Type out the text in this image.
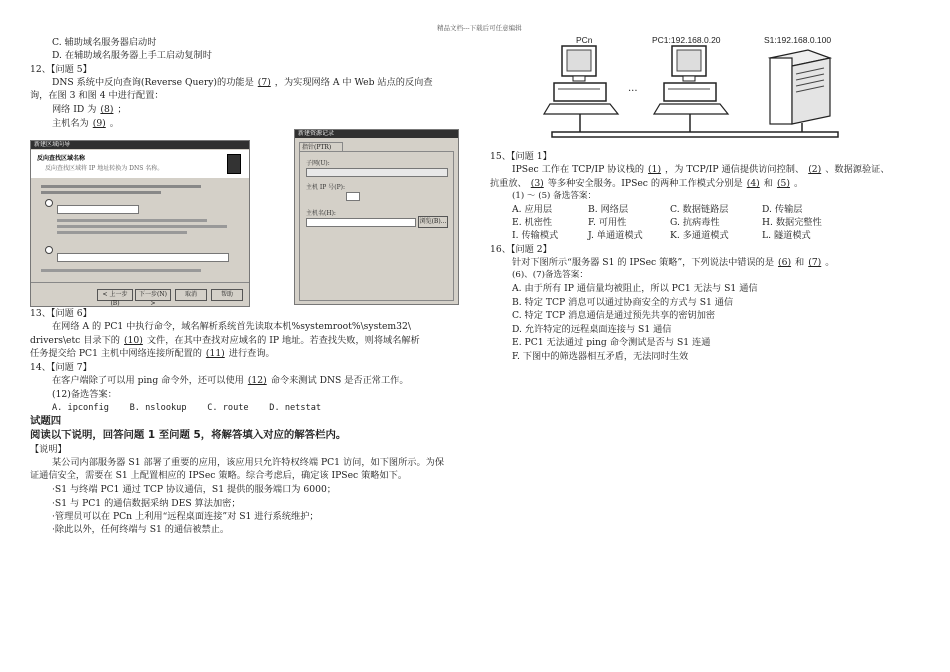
精品文档---下载后可任意编辑
C. 辅助域名服务器启动时
D. 在辅助域名服务器上手工启动复制时
12、【问题 5】
DNS 系统中反向查询(Reverse Query)的功能是 (7) ，为实现网络 A 中 Web 站点的反向查
询，在图 3 和图 4 中进行配置：
网络 ID 为 (8) ；
主机名为 (9) 。
新建区域向导
反向查找区域名称
反向查找区域将 IP 地址转换为 DNS 名称。
< 上一步(B)
下一步(N) >
取消	帮助
新建资源记录
指针(PTR)
子网(U):
主机 IP 号(P):
主机名(H):
浏览(B)...
13、【问题 6】
在网络 A 的 PC1 中执行命令，域名解析系统首先读取本机%systemroot%\system32\
drivers\etc 目录下的 (10) 文件，在其中查找对应域名的 IP 地址。若查找失败，则将域名解析
任务提交给 PC1 主机中网络连接所配置的 (11) 进行查询。
14、【问题 7】
在客户端除了可以用 ping 命令外，还可以使用 (12) 命令来测试 DNS 是否正常工作。
(12)备选答案：
A. ipconfig    B. nslookup    C. route    D. netstat
试题四
阅读以下说明，回答问题 1 至问题 5，将解答填入对应的解答栏内。
【说明】
某公司内部服务器 S1 部署了重要的应用，该应用只允许特权终端 PC1 访问，如下图所示。为保
证通信安全，需要在 S1 上配置相应的 IPSec 策略。综合考虑后，确定该 IPSec 策略如下。
·S1 与终端 PC1 通过 TCP 协议通信，S1 提供的服务端口为 6000；
·S1 与 PC1 的通信数据采纳 DES 算法加密；
·管理员可以在 PCn 上利用“远程桌面连接”对 S1 进行系统维护；
·除此以外，任何终端与 S1 的通信被禁止。
PCn	PC1:192.168.0.20	S1:192.168.0.100
...
15、【问题 1】
IPSec 工作在 TCP/IP 协议栈的 (1) ，为 TCP/IP 通信提供访问控制、 (2) 、数据源验证、
抗重放、 (3) 等多种安全服务。IPSec 的两种工作模式分别是 (4) 和 (5) 。
(1) ～ (5) 备选答案：
A. 应用层	B. 网络层	C. 数据链路层	D. 传输层
E. 机密性	F. 可用性	G. 抗病毒性	H. 数据完整性
I. 传输模式	J. 单通道模式	K. 多通道模式	L. 隧道模式
16、【问题 2】
针对下图所示“服务器 S1 的 IPSec 策略”，下列说法中错误的是 (6) 和 (7) 。
(6)、(7)备选答案：
A. 由于所有 IP 通信量均被阻止，所以 PC1 无法与 S1 通信
B. 特定 TCP 消息可以通过协商安全的方式与 S1 通信
C. 特定 TCP 消息通信是通过预先共享的密钥加密
D. 允许特定的远程桌面连接与 S1 通信
E. PC1 无法通过 ping 命令测试是否与 S1 连通
F. 下图中的筛选器相互矛盾，无法同时生效
